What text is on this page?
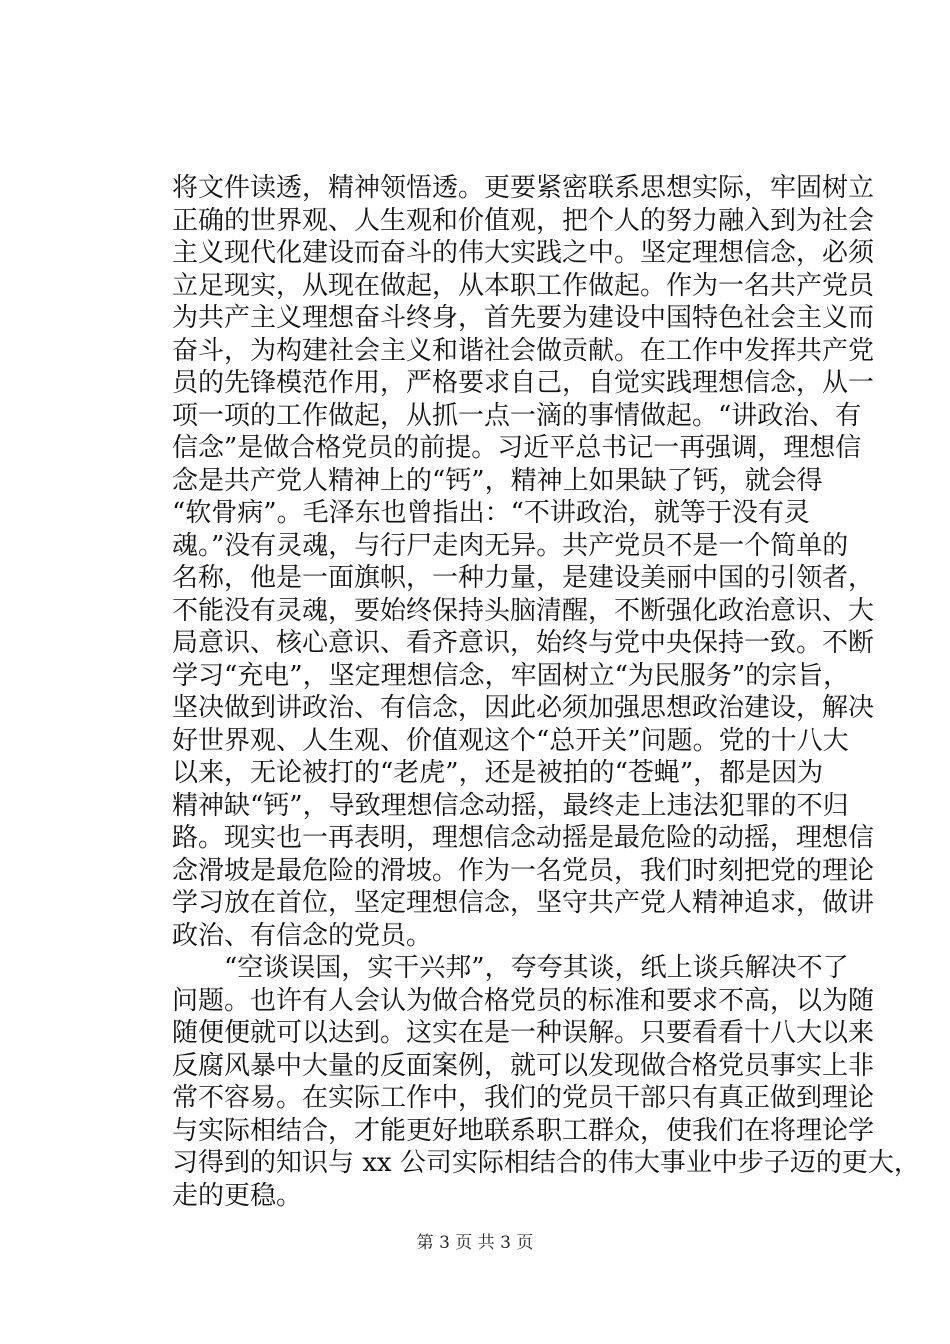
将文件读透，精神领悟透。更要紧密联系思想实际，牢固树立
正确的世界观、人生观和价值观，把个人的努力融入到为社会
主义现代化建设而奋斗的伟大实践之中。坚定理想信念，必须
立足现实，从现在做起，从本职工作做起。作为一名共产党员
为共产主义理想奋斗终身，首先要为建设中国特色社会主义而
奋斗，为构建社会主义和谐社会做贡献。在工作中发挥共产党
员的先锋模范作用，严格要求自己，自觉实践理想信念，从一
项一项的工作做起，从抓一点一滴的事情做起。“讲政治、有
信念”是做合格党员的前提。习近平总书记一再强调，理想信
念是共产党人精神上的“钙”，精神上如果缺了钙，就会得
“软骨病”。毛泽东也曾指出：“不讲政治，就等于没有灵
魂。”没有灵魂，与行尸走肉无异。共产党员不是一个简单的
名称，他是一面旗帜，一种力量，是建设美丽中国的引领者，
不能没有灵魂，要始终保持头脑清醒，不断强化政治意识、大
局意识、核心意识、看齐意识，始终与党中央保持一致。不断
学习“充电”，坚定理想信念，牢固树立“为民服务”的宗旨，
坚决做到讲政治、有信念，因此必须加强思想政治建设，解决
好世界观、人生观、价值观这个“总开关”问题。党的十八大
以来，无论被打的“老虎”，还是被拍的“苍蝇”，都是因为
精神缺“钙”，导致理想信念动摇，最终走上违法犯罪的不归
路。现实也一再表明，理想信念动摇是最危险的动摇，理想信
念滑坡是最危险的滑坡。作为一名党员，我们时刻把党的理论
学习放在首位，坚定理想信念，坚守共产党人精神追求，做讲
政治、有信念的党员。
“空谈误国，实干兴邦”，夸夸其谈，纸上谈兵解决不了
问题。也许有人会认为做合格党员的标准和要求不高，以为随
随便便就可以达到。这实在是一种误解。只要看看十八大以来
反腐风暴中大量的反面案例，就可以发现做合格党员事实上非
常不容易。在实际工作中，我们的党员干部只有真正做到理论
与实际相结合，才能更好地联系职工群众，使我们在将理论学
习得到的知识与 xx 公司实际相结合的伟大事业中步子迈的更大，
走的更稳。
第 3 页 共 3 页
